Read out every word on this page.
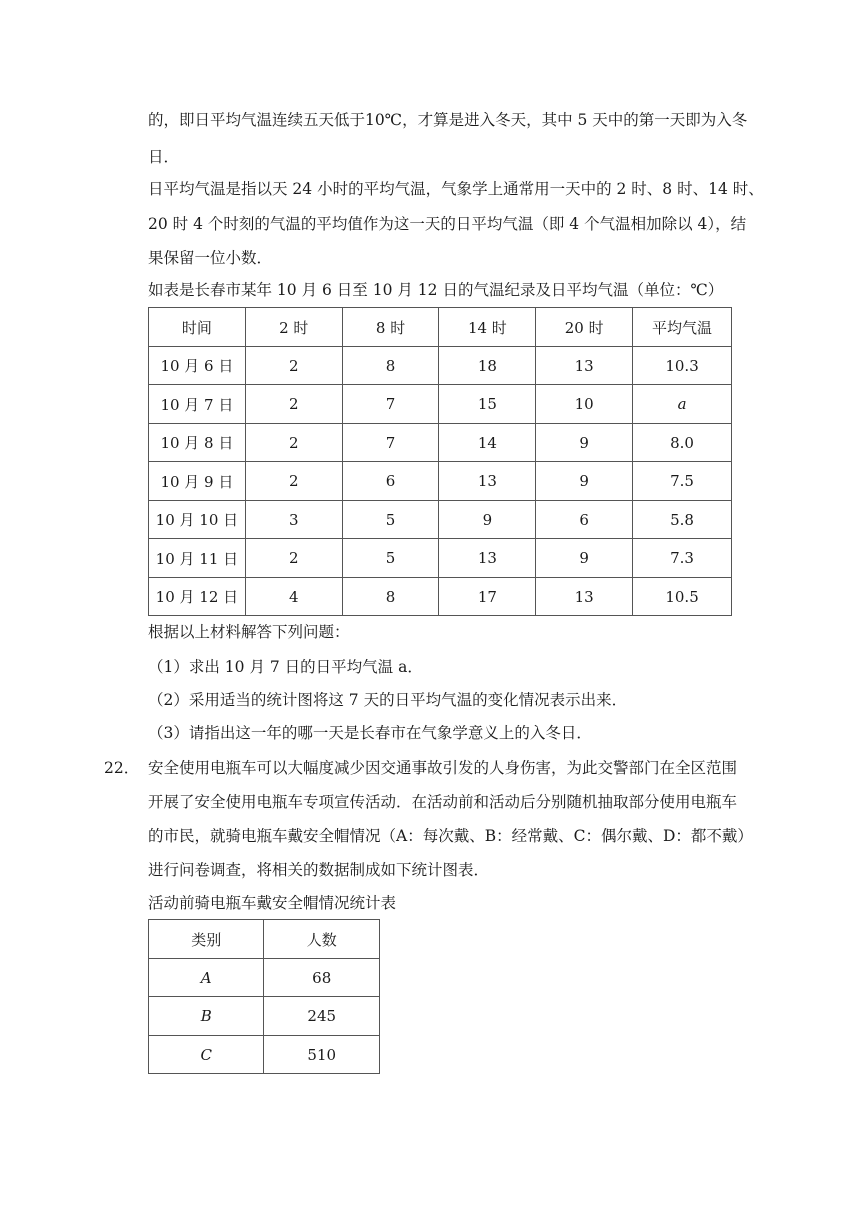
的，即日平均气温连续五天低于10℃，才算是进入冬天，其中 5 天中的第一天即为入冬
日．
日平均气温是指以天 24 小时的平均气温，气象学上通常用一天中的 2 时、8 时、14 时、
20 时 4 个时刻的气温的平均值作为这一天的日平均气温（即 4 个气温相加除以 4），结
果保留一位小数．
如表是长春市某年 10 月 6 日至 10 月 12 日的气温纪录及日平均气温（单位：℃）
时间	2 时	8 时	14 时	20 时	平均气温
10 月 6 日	2	8	18	13	10.3
10 月 7 日	2	7	15	10	a
10 月 8 日	2	7	14	9	8.0
10 月 9 日	2	6	13	9	7.5
10 月 10 日	3	5	9	6	5.8
10 月 11 日	2	5	13	9	7.3
10 月 12 日	4	8	17	13	10.5
根据以上材料解答下列问题：
（1）求出 10 月 7 日的日平均气温 a．
（2）采用适当的统计图将这 7 天的日平均气温的变化情况表示出来．
（3）请指出这一年的哪一天是长春市在气象学意义上的入冬日．
22． 安全使用电瓶车可以大幅度减少因交通事故引发的人身伤害，为此交警部门在全区范围
开展了安全使用电瓶车专项宣传活动．在活动前和活动后分别随机抽取部分使用电瓶车
的市民，就骑电瓶车戴安全帽情况（A：每次戴、B：经常戴、C：偶尔戴、D：都不戴）
进行问卷调查，将相关的数据制成如下统计图表．
活动前骑电瓶车戴安全帽情况统计表
类别	人数
A	68
B	245
C	510
